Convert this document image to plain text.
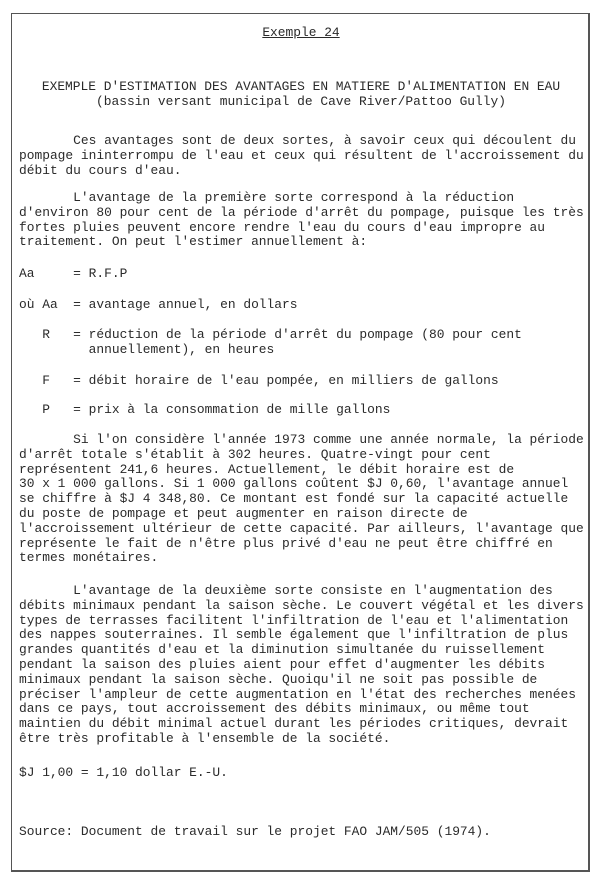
Exemple 24
EXEMPLE D'ESTIMATION DES AVANTAGES EN MATIERE D'ALIMENTATION EN EAU
(bassin versant municipal de Cave River/Pattoo Gully)
Ces avantages sont de deux sortes, à savoir ceux qui découlent du
pompage ininterrompu de l'eau et ceux qui résultent de l'accroissement du
débit du cours d'eau.
L'avantage de la première sorte correspond à la réduction
d'environ 80 pour cent de la période d'arrêt du pompage, puisque les très
fortes pluies peuvent encore rendre l'eau du cours d'eau impropre au
traitement. On peut l'estimer annuellement à:
Aa     = R.F.P
où Aa  = avantage annuel, en dollars
R   = réduction de la période d'arrêt du pompage (80 pour cent
annuellement), en heures
F   = débit horaire de l'eau pompée, en milliers de gallons
P   = prix à la consommation de mille gallons
Si l'on considère l'année 1973 comme une année normale, la période
d'arrêt totale s'établit à 302 heures. Quatre-vingt pour cent
représentent 241,6 heures. Actuellement, le débit horaire est de
30 x 1 000 gallons. Si 1 000 gallons coûtent $J 0,60, l'avantage annuel
se chiffre à $J 4 348,80. Ce montant est fondé sur la capacité actuelle
du poste de pompage et peut augmenter en raison directe de
l'accroissement ultérieur de cette capacité. Par ailleurs, l'avantage que
représente le fait de n'être plus privé d'eau ne peut être chiffré en
termes monétaires.
L'avantage de la deuxième sorte consiste en l'augmentation des
débits minimaux pendant la saison sèche. Le couvert végétal et les divers
types de terrasses facilitent l'infiltration de l'eau et l'alimentation
des nappes souterraines. Il semble également que l'infiltration de plus
grandes quantités d'eau et la diminution simultanée du ruissellement
pendant la saison des pluies aient pour effet d'augmenter les débits
minimaux pendant la saison sèche. Quoiqu'il ne soit pas possible de
préciser l'ampleur de cette augmentation en l'état des recherches menées
dans ce pays, tout accroissement des débits minimaux, ou même tout
maintien du débit minimal actuel durant les périodes critiques, devrait
être très profitable à l'ensemble de la société.
$J 1,00 = 1,10 dollar E.-U.
Source: Document de travail sur le projet FAO JAM/505 (1974).
